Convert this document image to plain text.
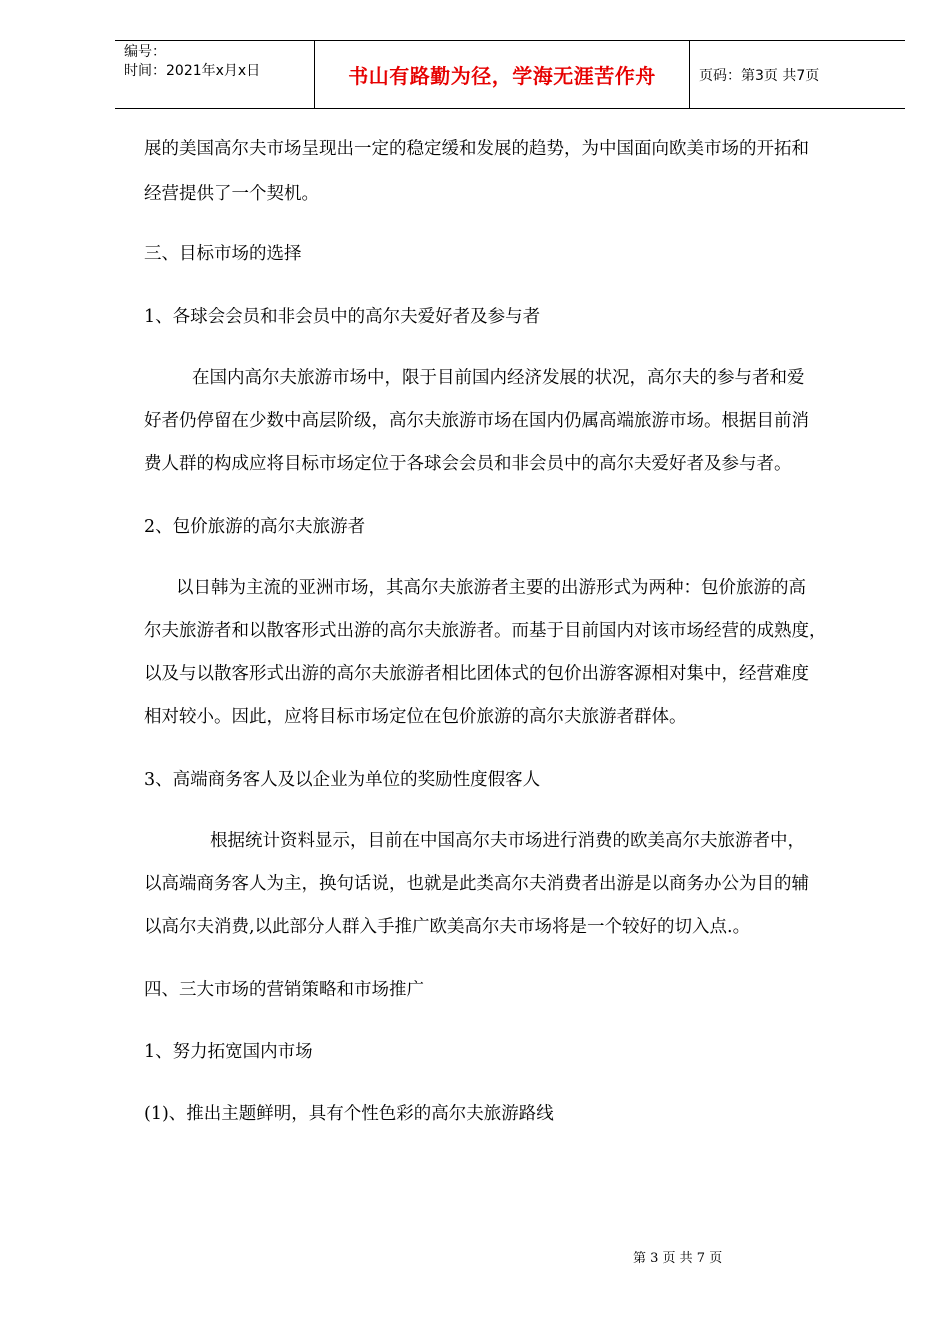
编号：
时间：2021年x月x日	书山有路勤为径，学海无涯苦作舟	页码：第3页 共7页
展的美国高尔夫市场呈现出一定的稳定缓和发展的趋势，为中国面向欧美市场的开拓和
经营提供了一个契机。
三、目标市场的选择
1、各球会会员和非会员中的高尔夫爱好者及参与者
在国内高尔夫旅游市场中，限于目前国内经济发展的状况，高尔夫的参与者和爱
好者仍停留在少数中高层阶级，高尔夫旅游市场在国内仍属高端旅游市场。根据目前消
费人群的构成应将目标市场定位于各球会会员和非会员中的高尔夫爱好者及参与者。
2、包价旅游的高尔夫旅游者
以日韩为主流的亚洲市场，其高尔夫旅游者主要的出游形式为两种：包价旅游的高
尔夫旅游者和以散客形式出游的高尔夫旅游者。而基于目前国内对该市场经营的成熟度，
以及与以散客形式出游的高尔夫旅游者相比团体式的包价出游客源相对集中，经营难度
相对较小。因此，应将目标市场定位在包价旅游的高尔夫旅游者群体。
3、高端商务客人及以企业为单位的奖励性度假客人
根据统计资料显示，目前在中国高尔夫市场进行消费的欧美高尔夫旅游者中，
以高端商务客人为主，换句话说，也就是此类高尔夫消费者出游是以商务办公为目的辅
以高尔夫消费,以此部分人群入手推广欧美高尔夫市场将是一个较好的切入点.。
四、三大市场的营销策略和市场推广
1、努力拓宽国内市场
(1)、推出主题鲜明，具有个性色彩的高尔夫旅游路线
第 3 页 共 7 页
